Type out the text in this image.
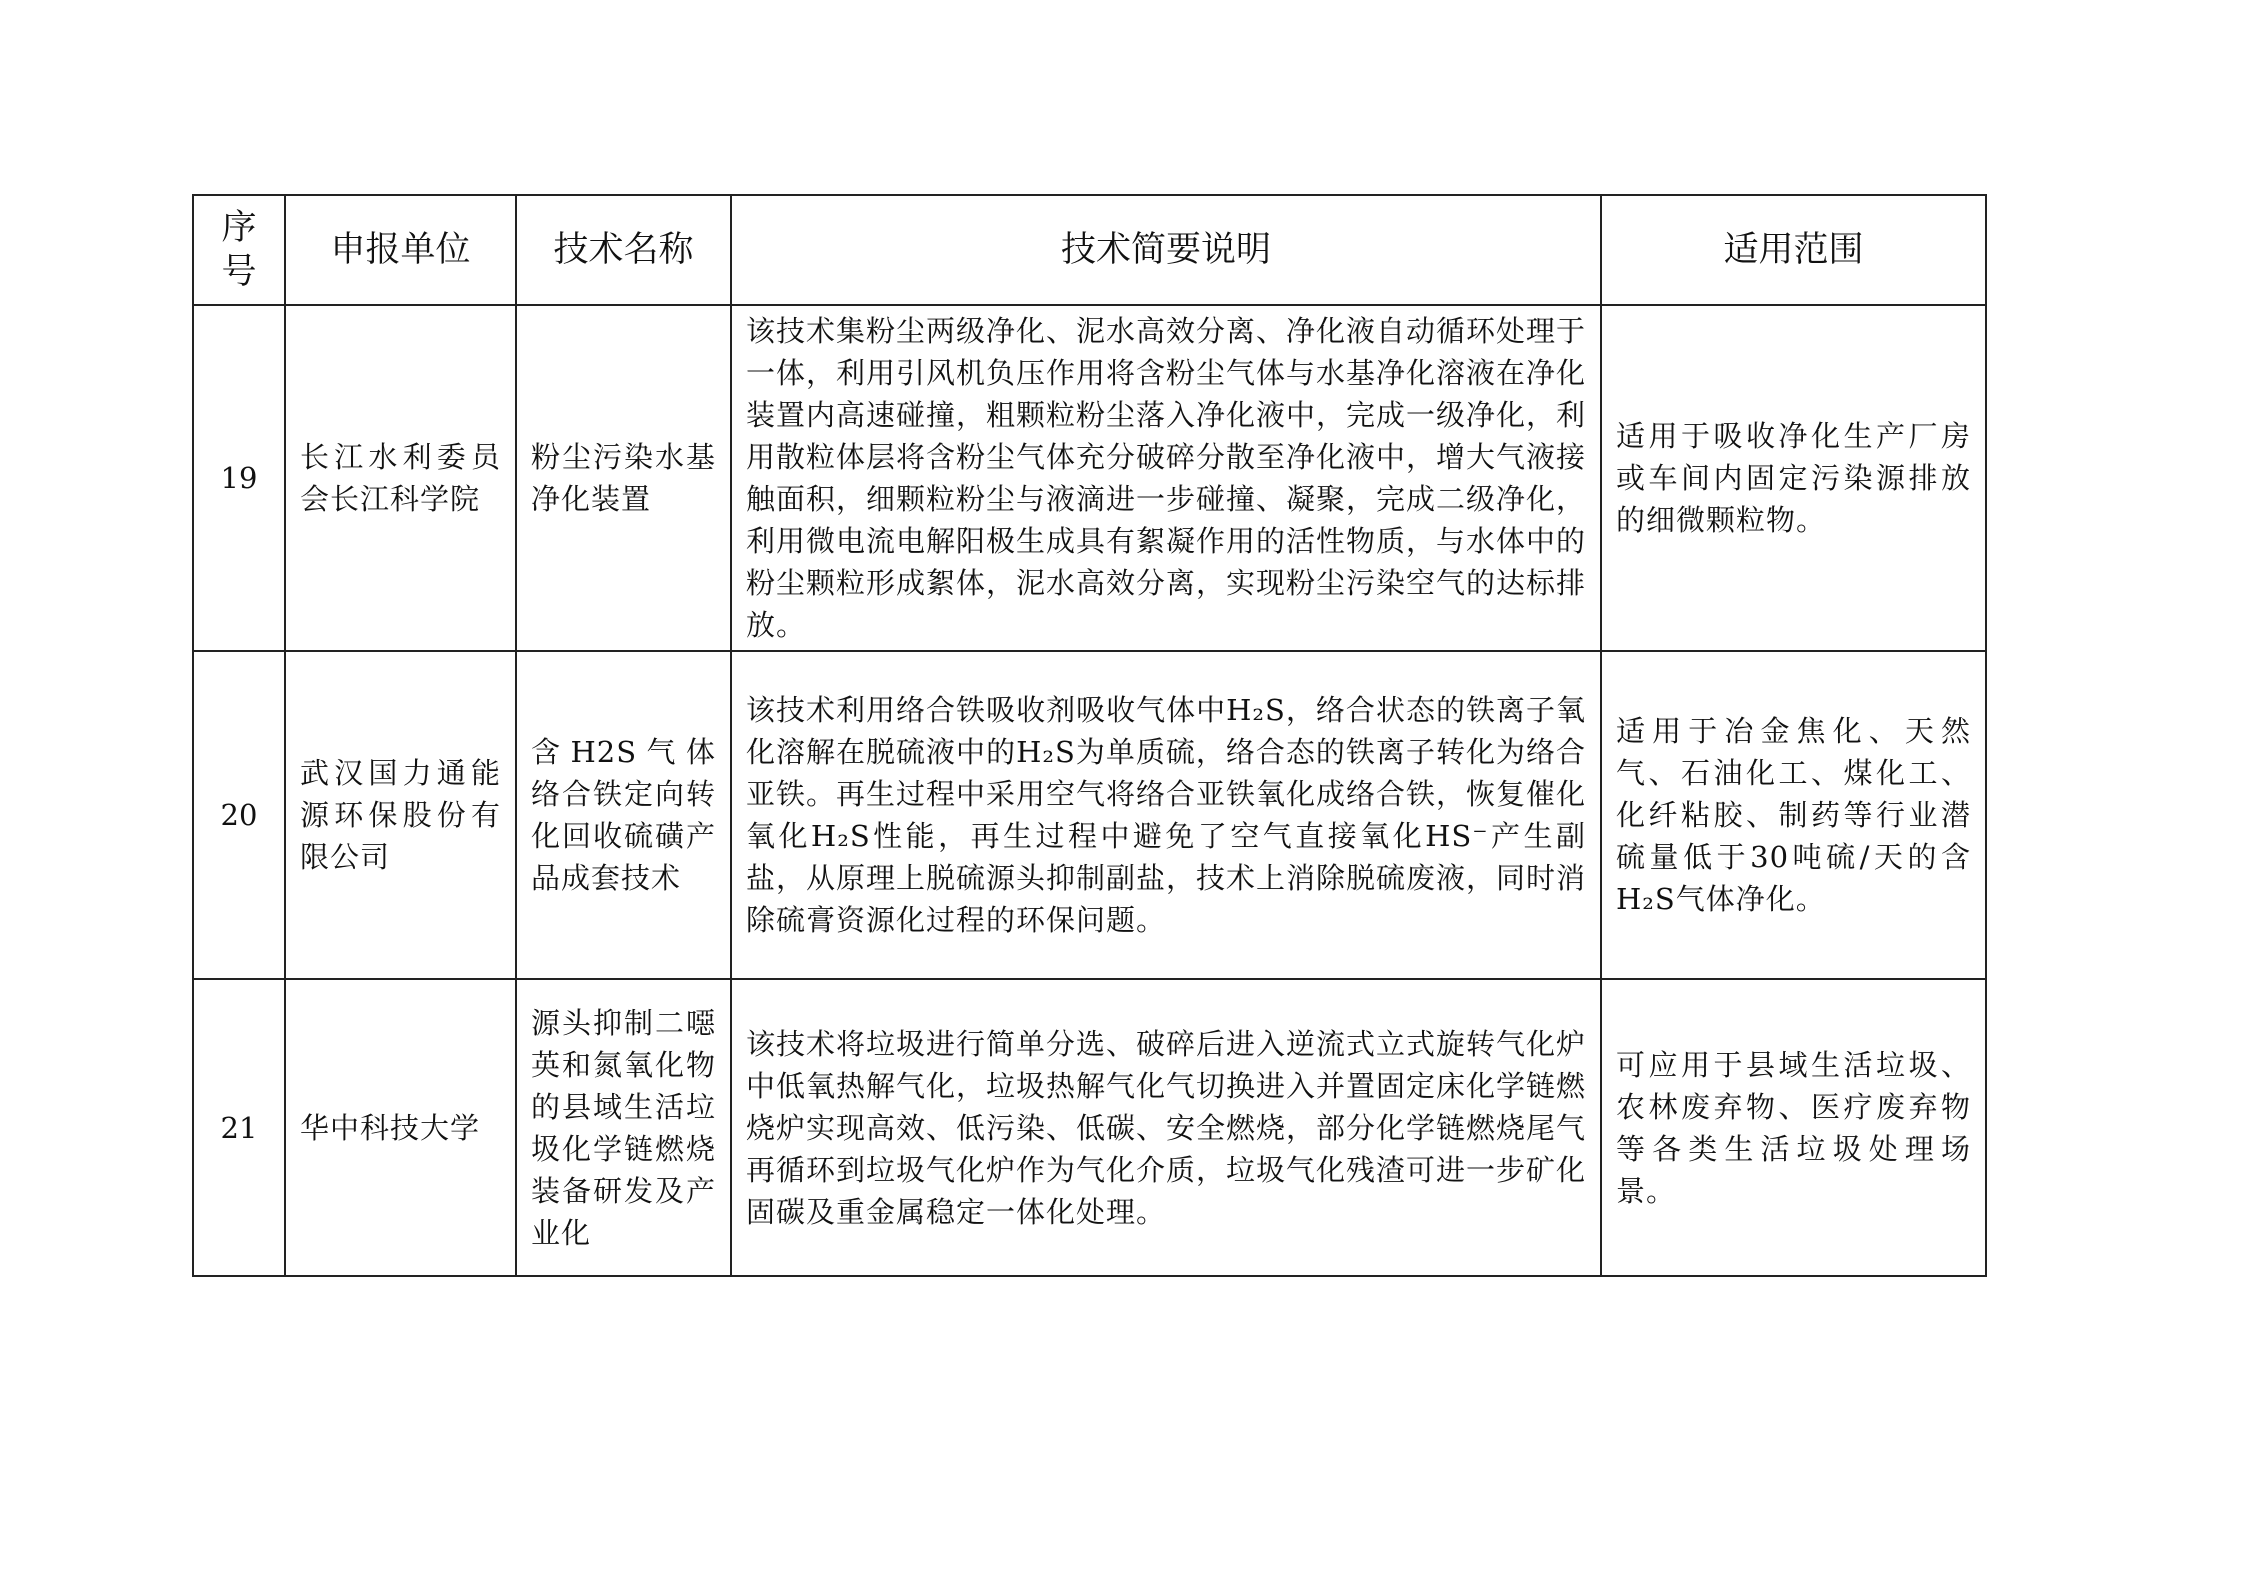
序号	申报单位	技术名称	技术简要说明	适用范围
19	长江水利委员会长江科学院	粉尘污染水基净化装置	该技术集粉尘两级净化、泥水高效分离、净化液自动循环处理于一体，利用引风机负压作用将含粉尘气体与水基净化溶液在净化装置内高速碰撞，粗颗粒粉尘落入净化液中，完成一级净化，利用散粒体层将含粉尘气体充分破碎分散至净化液中，增大气液接触面积，细颗粒粉尘与液滴进一步碰撞、凝聚，完成二级净化，利用微电流电解阳极生成具有絮凝作用的活性物质，与水体中的粉尘颗粒形成絮体，泥水高效分离，实现粉尘污染空气的达标排放。	适用于吸收净化生产厂房或车间内固定污染源排放的细微颗粒物。
20	武汉国力通能源环保股份有限公司	含H2S气体络合铁定向转化回收硫磺产品成套技术	该技术利用络合铁吸收剂吸收气体中H₂S，络合状态的铁离子氧化溶解在脱硫液中的H₂S为单质硫，络合态的铁离子转化为络合亚铁。再生过程中采用空气将络合亚铁氧化成络合铁，恢复催化氧化H₂S性能，再生过程中避免了空气直接氧化HS⁻产生副盐，从原理上脱硫源头抑制副盐，技术上消除脱硫废液，同时消除硫膏资源化过程的环保问题。	适用于冶金焦化、天然气、石油化工、煤化工、化纤粘胶、制药等行业潜硫量低于30吨硫/天的含H₂S气体净化。
21	华中科技大学	源头抑制二噁英和氮氧化物的县域生活垃圾化学链燃烧装备研发及产业化	该技术将垃圾进行简单分选、破碎后进入逆流式立式旋转气化炉中低氧热解气化，垃圾热解气化气切换进入并置固定床化学链燃烧炉实现高效、低污染、低碳、安全燃烧，部分化学链燃烧尾气再循环到垃圾气化炉作为气化介质，垃圾气化残渣可进一步矿化固碳及重金属稳定一体化处理。	可应用于县域生活垃圾、农林废弃物、医疗废弃物等各类生活垃圾处理场景。
